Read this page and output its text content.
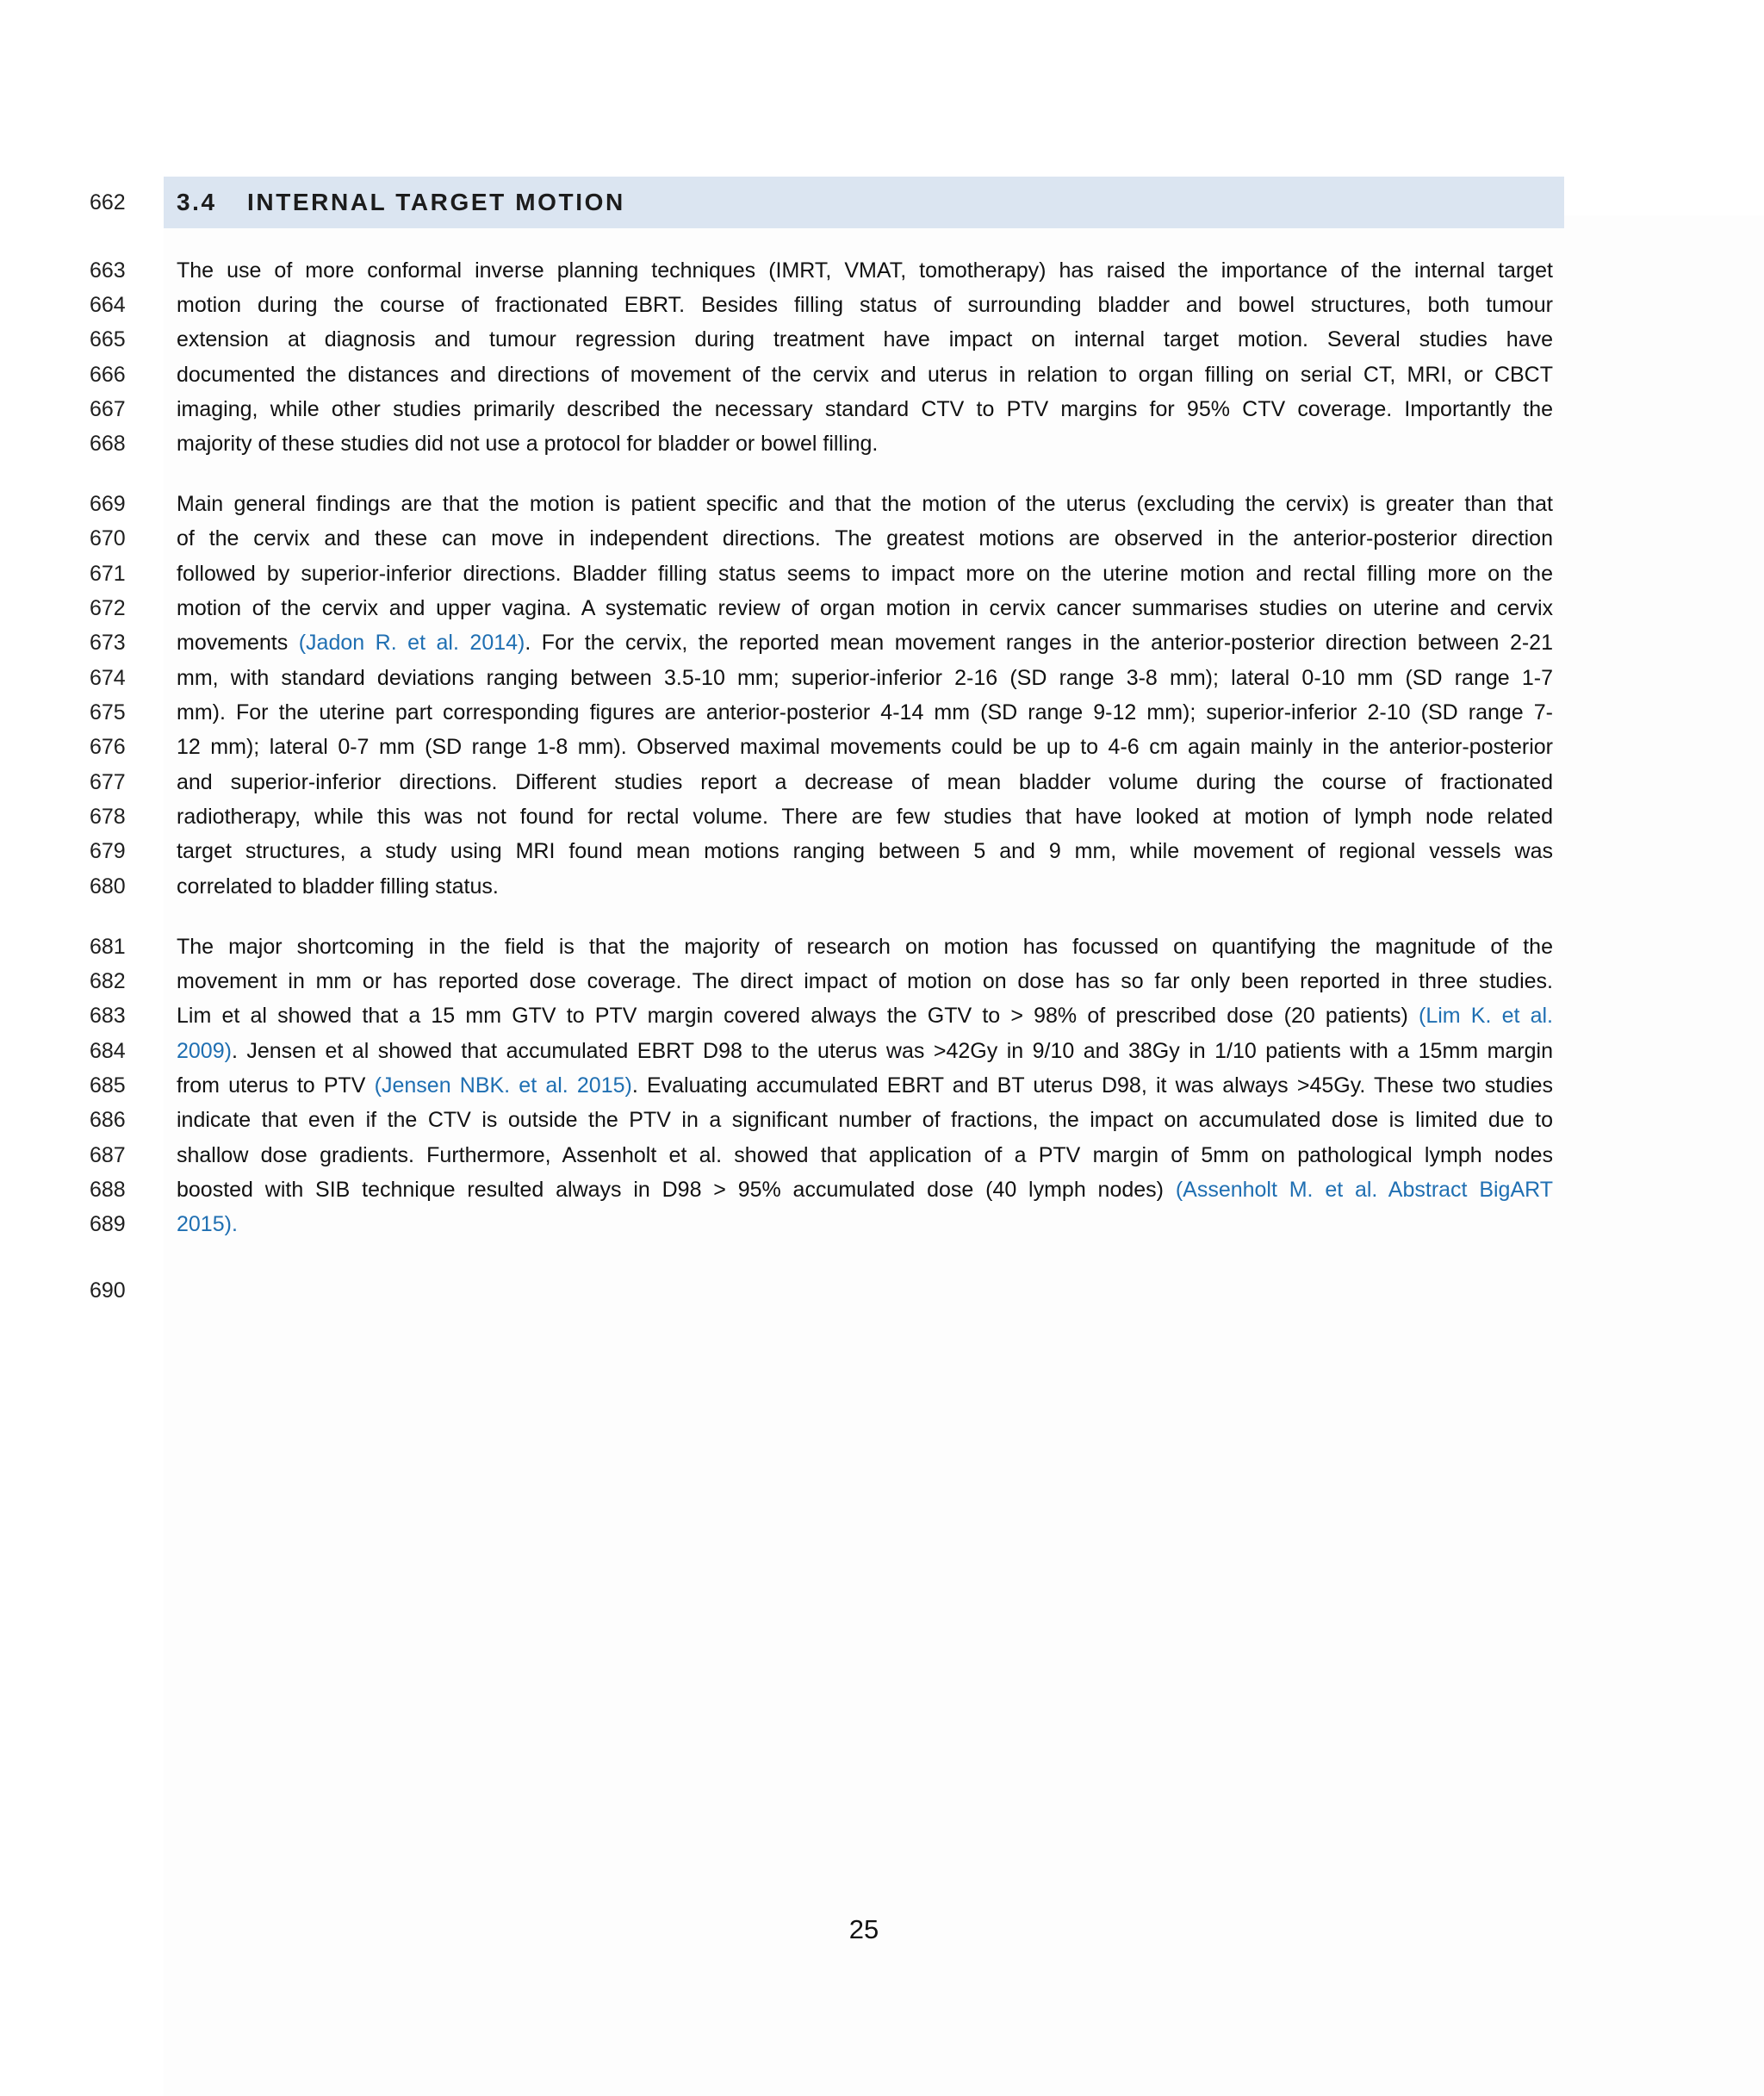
3.4 INTERNAL TARGET MOTION
662
663	The use of more conformal inverse planning techniques (IMRT, VMAT, tomotherapy) has raised the importance of the internal target
664	motion during the course of fractionated EBRT. Besides filling status of surrounding bladder and bowel structures, both tumour
665	extension at diagnosis and tumour regression during treatment have impact on internal target motion. Several studies have
666	documented the distances and directions of movement of the cervix and uterus in relation to organ filling on serial CT, MRI, or CBCT
667	imaging, while other studies primarily described the necessary standard CTV to PTV margins for 95% CTV coverage. Importantly the
668	majority of these studies did not use a protocol for bladder or bowel filling.
669	Main general findings are that the motion is patient specific and that the motion of the uterus (excluding the cervix) is greater than that
670	of the cervix and these can move in independent directions. The greatest motions are observed in the anterior-posterior direction
671	followed by superior-inferior directions. Bladder filling status seems to impact more on the uterine motion and rectal filling more on the
672	motion of the cervix and upper vagina. A systematic review of organ motion in cervix cancer summarises studies on uterine and cervix
673	movements (Jadon R. et al. 2014). For the cervix, the reported mean movement ranges in the anterior-posterior direction between 2-21
674	mm, with standard deviations ranging between 3.5-10 mm; superior-inferior 2-16 (SD range 3-8 mm); lateral 0-10 mm (SD range 1-7
675	mm). For the uterine part corresponding figures are anterior-posterior 4-14 mm (SD range 9-12 mm); superior-inferior 2-10 (SD range 7-
676	12 mm); lateral 0-7 mm (SD range 1-8 mm). Observed maximal movements could be up to 4-6 cm again mainly in the anterior-posterior
677	and superior-inferior directions. Different studies report a decrease of mean bladder volume during the course of fractionated
678	radiotherapy, while this was not found for rectal volume. There are few studies that have looked at motion of lymph node related
679	target structures, a study using MRI found mean motions ranging between 5 and 9 mm, while movement of regional vessels was
680	correlated to bladder filling status.
681	The major shortcoming in the field is that the majority of research on motion has focussed on quantifying the magnitude of the
682	movement in mm or has reported dose coverage. The direct impact of motion on dose has so far only been reported in three studies.
683	Lim et al showed that a 15 mm GTV to PTV margin covered always the GTV to > 98% of prescribed dose (20 patients) (Lim K. et al.
684	2009). Jensen et al showed that accumulated EBRT D98 to the uterus was >42Gy in 9/10 and 38Gy in 1/10 patients with a 15mm margin
685	from uterus to PTV (Jensen NBK. et al. 2015). Evaluating accumulated EBRT and BT uterus D98, it was always >45Gy. These two studies
686	indicate that even if the CTV is outside the PTV in a significant number of fractions, the impact on accumulated dose is limited due to
687	shallow dose gradients. Furthermore, Assenholt et al. showed that application of a PTV margin of 5mm on pathological lymph nodes
688	boosted with SIB technique resulted always in D98 > 95% accumulated dose (40 lymph nodes) (Assenholt M. et al. Abstract BigART
689	2015).
690
25
